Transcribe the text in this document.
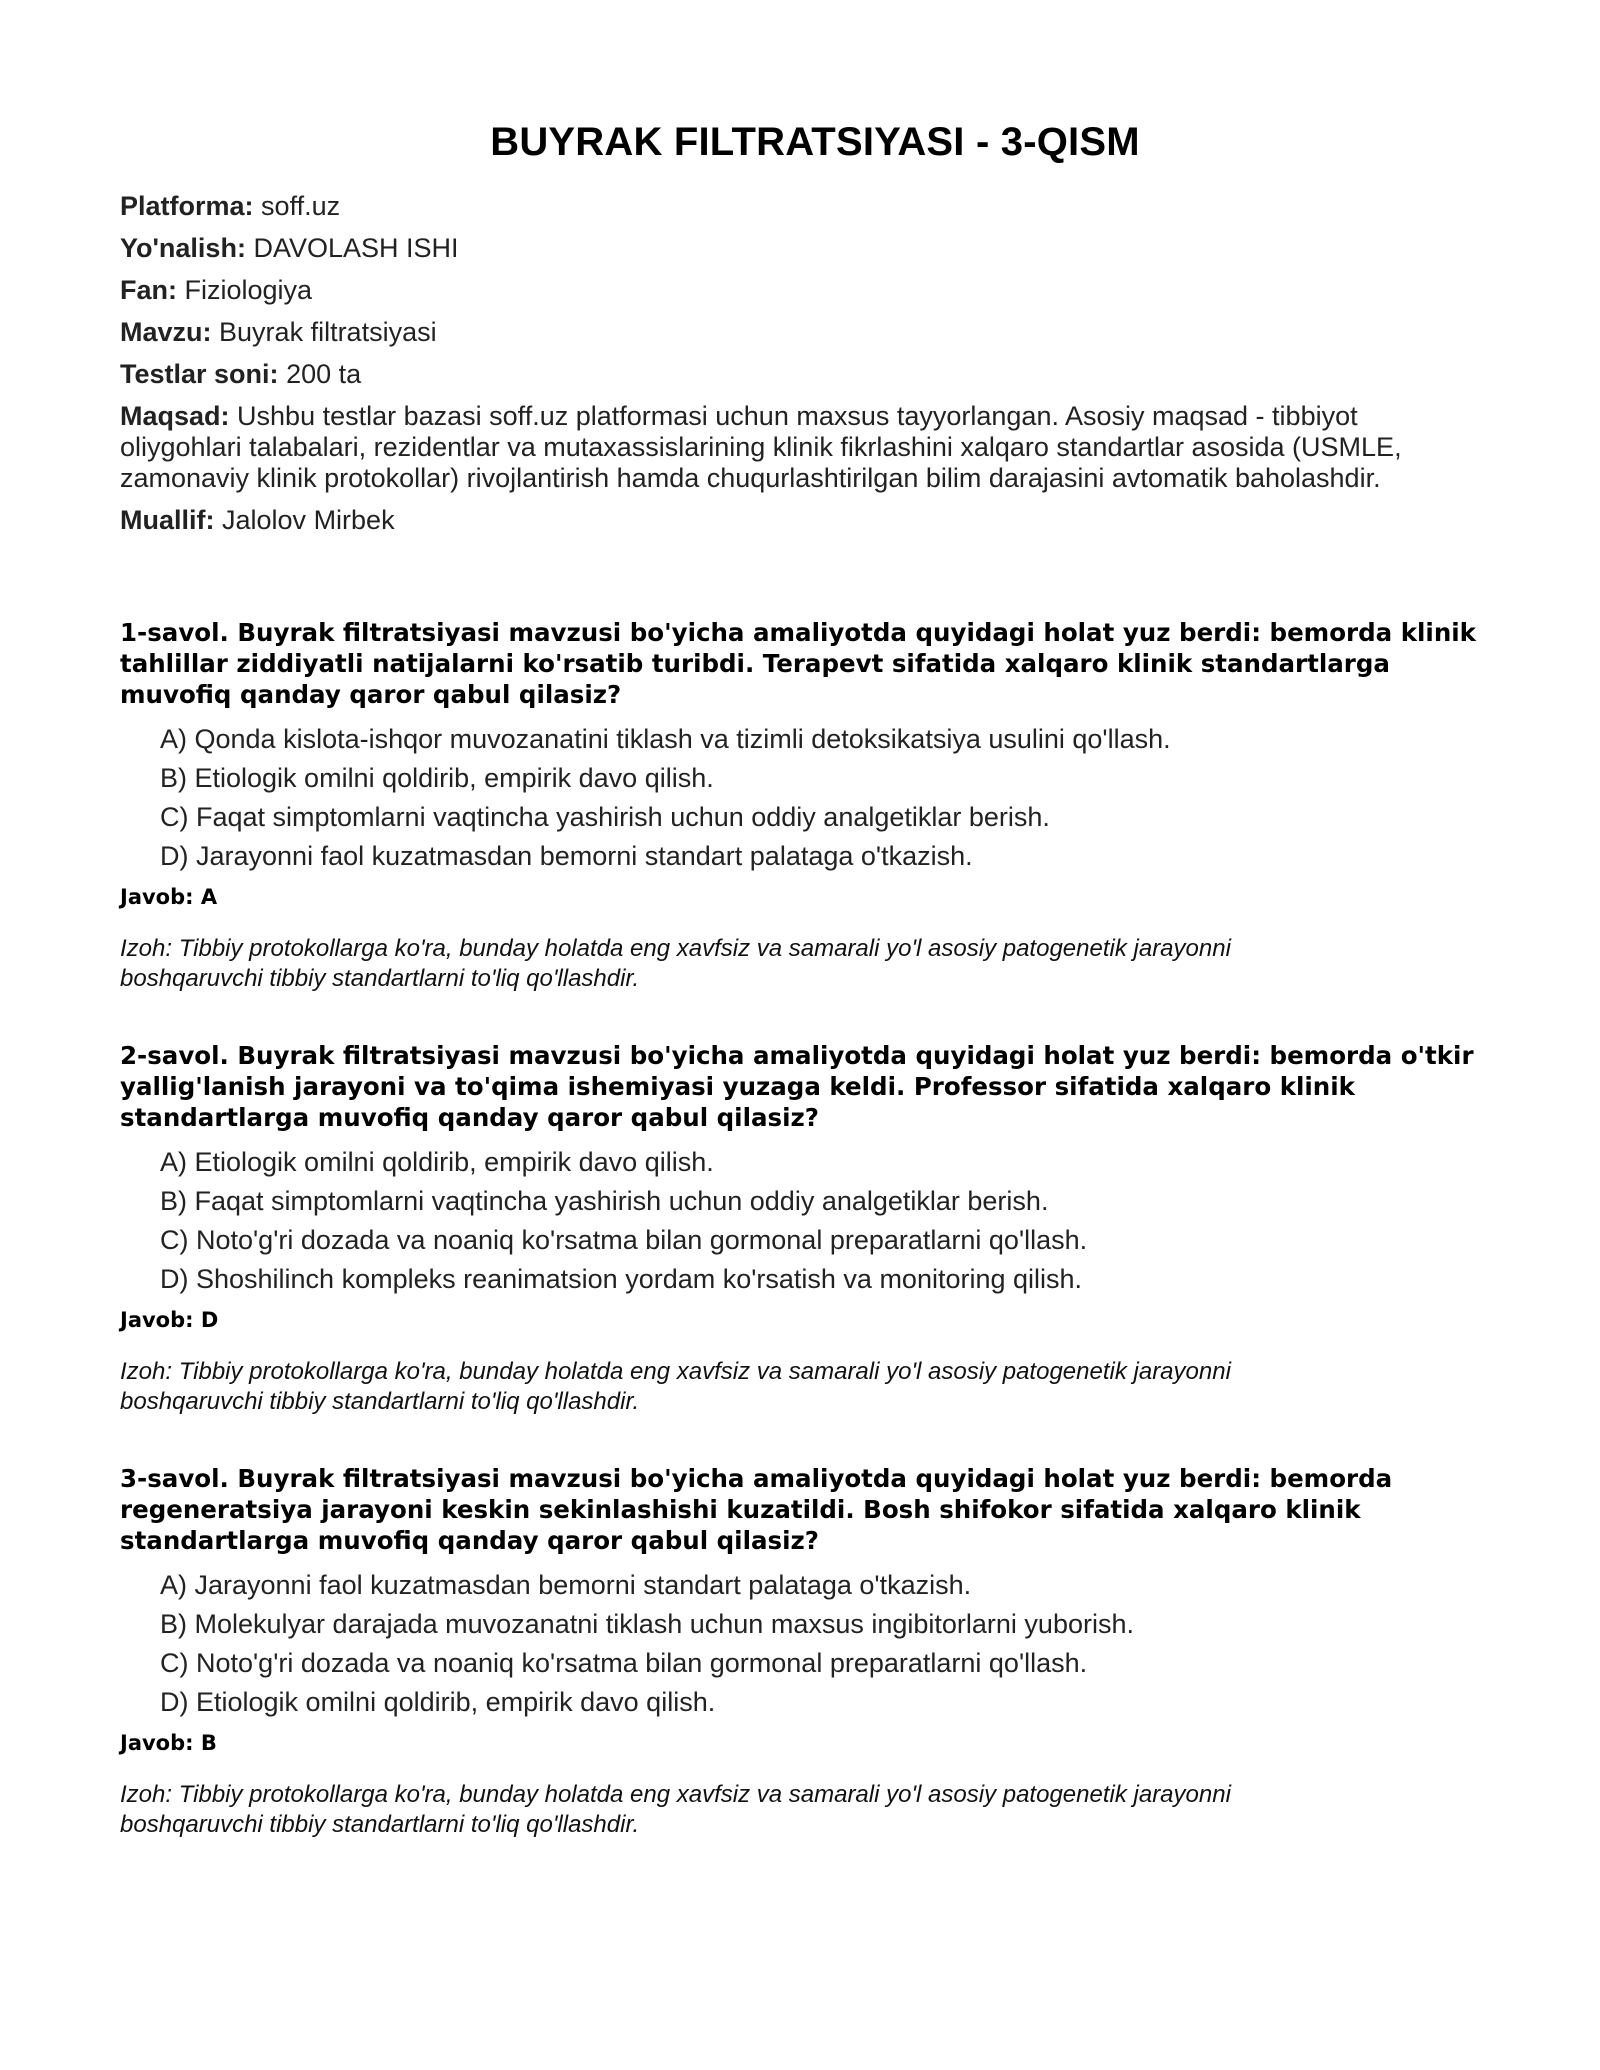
BUYRAK FILTRATSIYASI - 3-QISM

Platforma: soff.uz

Yo'nalish: DAVOLASH ISHI

Fan: Fiziologiya

Mavzu: Buyrak filtratsiyasi

Testlar soni: 200 ta

Maqsad: Ushbu testlar bazasi soff.uz platformasi uchun maxsus tayyorlangan. Asosiy maqsad - tibbiyot oliygohlari talabalari, rezidentlar va mutaxassislarining klinik fikrlashini xalqaro standartlar asosida (USMLE, zamonaviy klinik protokollar) rivojlantirish hamda chuqurlashtirilgan bilim darajasini avtomatik baholashdir.

Muallif: Jalolov Mirbek

1-savol. Buyrak filtratsiyasi mavzusi bo'yicha amaliyotda quyidagi holat yuz berdi: bemorda klinik tahlillar ziddiyatli natijalarni ko'rsatib turibdi. Terapevt sifatida xalqaro klinik standartlarga muvofiq qanday qaror qabul qilasiz?

A) Qonda kislota-ishqor muvozanatini tiklash va tizimli detoksikatsiya usulini qo'llash.
B) Etiologik omilni qoldirib, empirik davo qilish.
C) Faqat simptomlarni vaqtincha yashirish uchun oddiy analgetiklar berish.
D) Jarayonni faol kuzatmasdan bemorni standart palataga o'tkazish.

Javob: A

Izoh: Tibbiy protokollarga ko'ra, bunday holatda eng xavfsiz va samarali yo'l asosiy patogenetik jarayonni boshqaruvchi tibbiy standartlarni to'liq qo'llashdir.

2-savol. Buyrak filtratsiyasi mavzusi bo'yicha amaliyotda quyidagi holat yuz berdi: bemorda o'tkir yallig'lanish jarayoni va to'qima ishemiyasi yuzaga keldi. Professor sifatida xalqaro klinik standartlarga muvofiq qanday qaror qabul qilasiz?

A) Etiologik omilni qoldirib, empirik davo qilish.
B) Faqat simptomlarni vaqtincha yashirish uchun oddiy analgetiklar berish.
C) Noto'g'ri dozada va noaniq ko'rsatma bilan gormonal preparatlarni qo'llash.
D) Shoshilinch kompleks reanimatsion yordam ko'rsatish va monitoring qilish.

Javob: D

Izoh: Tibbiy protokollarga ko'ra, bunday holatda eng xavfsiz va samarali yo'l asosiy patogenetik jarayonni boshqaruvchi tibbiy standartlarni to'liq qo'llashdir.

3-savol. Buyrak filtratsiyasi mavzusi bo'yicha amaliyotda quyidagi holat yuz berdi: bemorda regeneratsiya jarayoni keskin sekinlashishi kuzatildi. Bosh shifokor sifatida xalqaro klinik standartlarga muvofiq qanday qaror qabul qilasiz?

A) Jarayonni faol kuzatmasdan bemorni standart palataga o'tkazish.
B) Molekulyar darajada muvozanatni tiklash uchun maxsus ingibitorlarni yuborish.
C) Noto'g'ri dozada va noaniq ko'rsatma bilan gormonal preparatlarni qo'llash.
D) Etiologik omilni qoldirib, empirik davo qilish.

Javob: B

Izoh: Tibbiy protokollarga ko'ra, bunday holatda eng xavfsiz va samarali yo'l asosiy patogenetik jarayonni boshqaruvchi tibbiy standartlarni to'liq qo'llashdir.
